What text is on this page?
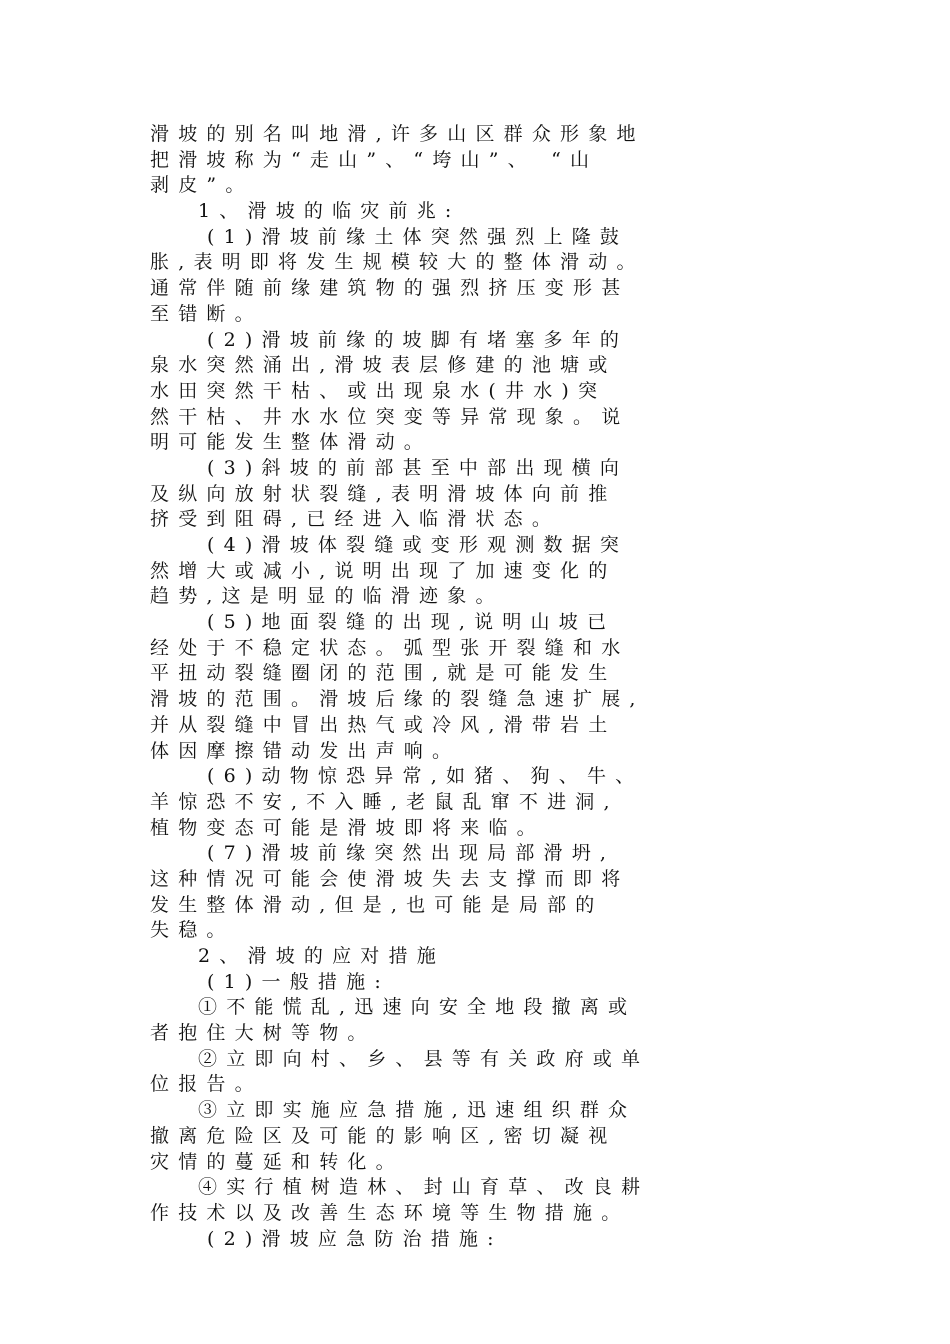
滑坡的别名叫地滑,许多山区群众形象地
把滑坡称为“走山”、“垮山”、 “山
剥皮”。
1、滑坡的临灾前兆:
(1)滑坡前缘土体突然强烈上隆鼓
胀,表明即将发生规模较大的整体滑动。
通常伴随前缘建筑物的强烈挤压变形甚
至错断。
(2)滑坡前缘的坡脚有堵塞多年的
泉水突然涌出,滑坡表层修建的池塘或
水田突然干枯、或出现泉水(井水)突
然干枯、井水水位突变等异常现象。说
明可能发生整体滑动。
(3)斜坡的前部甚至中部出现横向
及纵向放射状裂缝,表明滑坡体向前推
挤受到阻碍,已经进入临滑状态。
(4)滑坡体裂缝或变形观测数据突
然增大或减小,说明出现了加速变化的
趋势,这是明显的临滑迹象。
(5)地面裂缝的出现,说明山坡已
经处于不稳定状态。弧型张开裂缝和水
平扭动裂缝圈闭的范围,就是可能发生
滑坡的范围。滑坡后缘的裂缝急速扩展,
并从裂缝中冒出热气或冷风,滑带岩土
体因摩擦错动发出声响。
(6)动物惊恐异常,如猪、狗、牛、
羊惊恐不安,不入睡,老鼠乱窜不进洞,
植物变态可能是滑坡即将来临。
(7)滑坡前缘突然出现局部滑坍,
这种情况可能会使滑坡失去支撑而即将
发生整体滑动,但是,也可能是局部的
失稳。
2、滑坡的应对措施
(1)一般措施:
①不能慌乱,迅速向安全地段撤离或
者抱住大树等物。
②立即向村、乡、县等有关政府或单
位报告。
③立即实施应急措施,迅速组织群众
撤离危险区及可能的影响区,密切凝视
灾情的蔓延和转化。
④实行植树造林、封山育草、改良耕
作技术以及改善生态环境等生物措施。
(2)滑坡应急防治措施:
